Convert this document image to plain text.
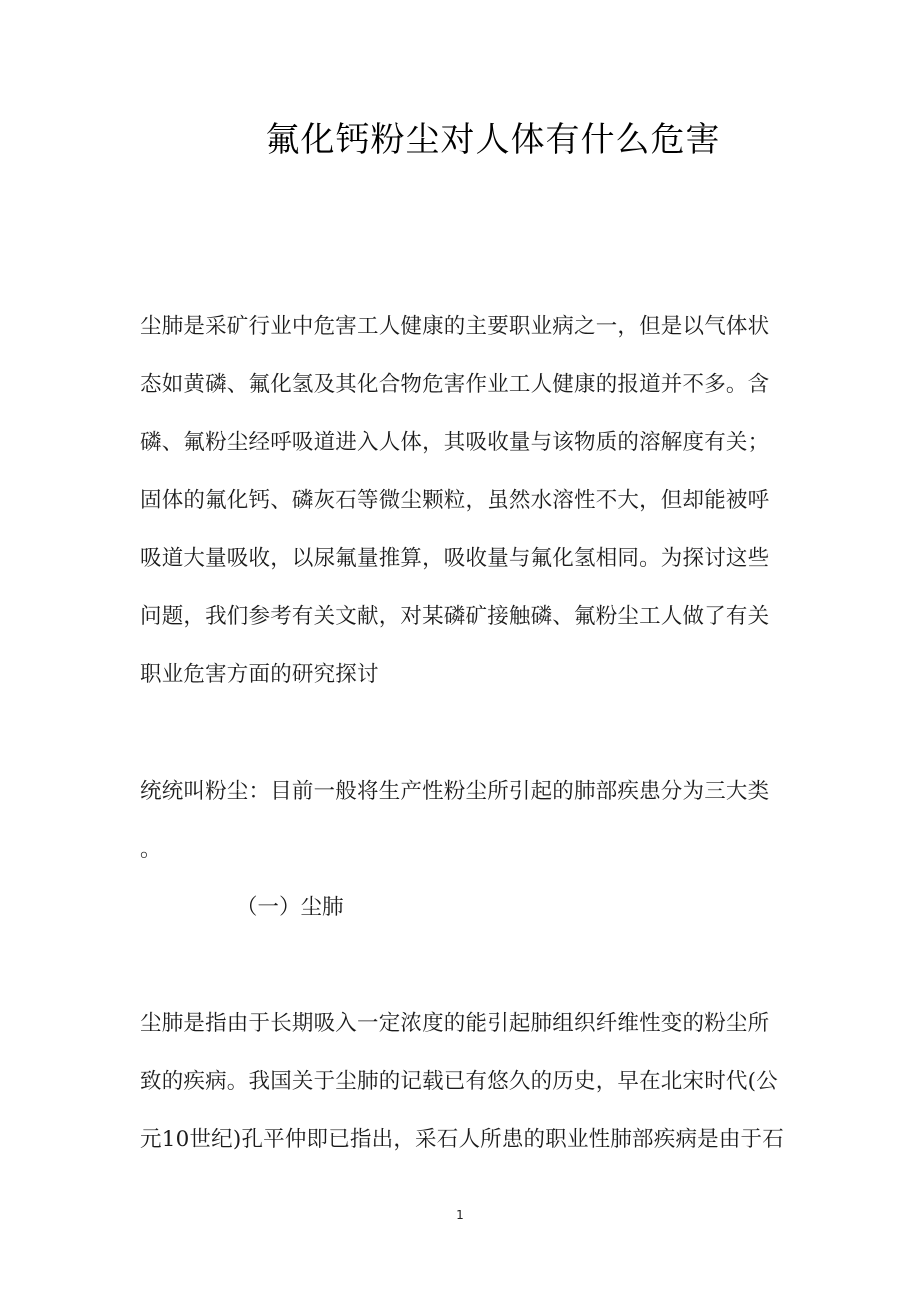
氟化钙粉尘对人体有什么危害
尘肺是采矿行业中危害工人健康的主要职业病之一，但是以气体状
态如黄磷、氟化氢及其化合物危害作业工人健康的报道并不多。含
磷、氟粉尘经呼吸道进入人体，其吸收量与该物质的溶解度有关；
固体的氟化钙、磷灰石等微尘颗粒，虽然水溶性不大，但却能被呼
吸道大量吸收，以尿氟量推算，吸收量与氟化氢相同。为探讨这些
问题，我们参考有关文献，对某磷矿接触磷、氟粉尘工人做了有关
职业危害方面的研究探讨
统统叫粉尘：目前一般将生产性粉尘所引起的肺部疾患分为三大类
。
（一）尘肺
尘肺是指由于长期吸入一定浓度的能引起肺组织纤维性变的粉尘所
致的疾病。我国关于尘肺的记载已有悠久的历史，早在北宋时代(公
元10世纪)孔平仲即已指出，采石人所患的职业性肺部疾病是由于石
1
